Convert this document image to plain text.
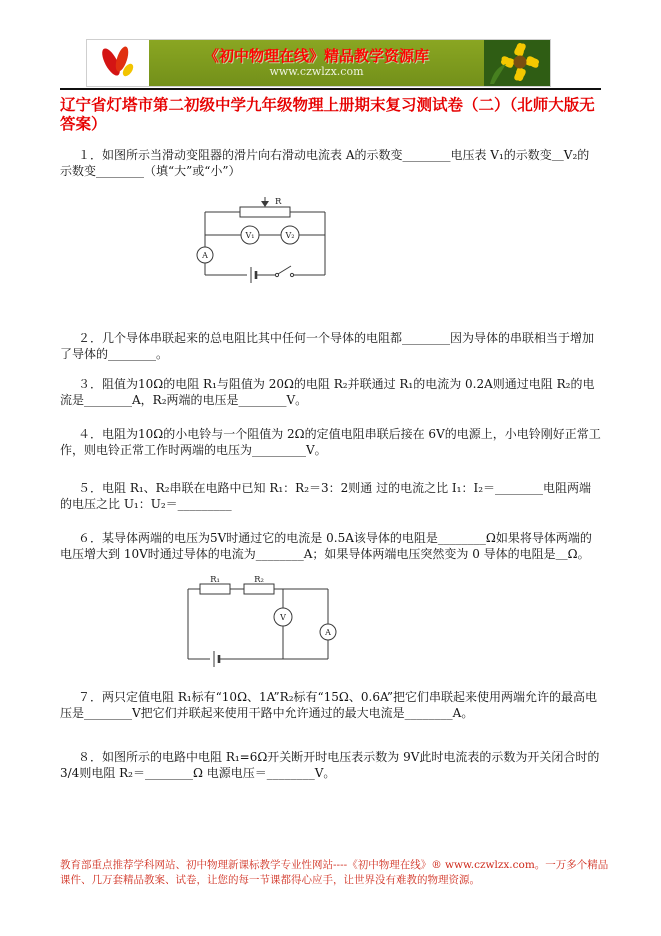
《初中物理在线》精品教学资源库
www.czwlzx.com

辽宁省灯塔市第二初级中学九年级物理上册期末复习测试卷（二）（北师大版无答案）

１．如图所示当滑动变阻器的滑片向右滑动电流表 A的示数变________电压表 V₁的示数变＿V₂的示数变________（填“大”或“小”）

R
V₁	V₂
A

２．几个导体串联起来的总电阻比其中任何一个导体的电阻都________因为导体的串联相当于增加了导体的________。

３．阻值为10Ω的电阻 R₁与阻值为 20Ω的电阻 R₂并联通过 R₁的电流为 0.2A则通过电阻 R₂的电流是________A，R₂两端的电压是________V。

４．电阻为10Ω的小电铃与一个阻值为 2Ω的定值电阻串联后接在 6V的电源上，小电铃刚好正常工作，则电铃正常工作时两端的电压为_________V。

５．电阻 R₁、R₂串联在电路中已知 R₁：R₂＝3：2则通 过的电流之比 I₁：I₂＝________电阻两端的电压之比 U₁：U₂＝_________

６．某导体两端的电压为5V时通过它的电流是 0.5A该导体的电阻是________Ω如果将导体两端的电压增大到 10V时通过导体的电流为________A；如果导体两端电压突然变为 0 导体的电阻是＿Ω。

R₁	R₂
V
A

７．两只定值电阻 R₁标有“10Ω、1A”R₂标有“15Ω、0.6A”把它们串联起来使用两端允许的最高电压是________V把它们并联起来使用干路中允许通过的最大电流是________A。

８．如图所示的电路中电阻 R₁=6Ω开关断开时电压表示数为 9V此时电流表的示数为开关闭合时的3/4则电阻 R₂＝________Ω 电源电压＝________V。

教育部重点推荐学科网站、初中物理新课标教学专业性网站----《初中物理在线》® www.czwlzx.com。一万多个精品课件、几万套精品教案、试卷，让您的每一节课都得心应手，让世界没有难教的物理资源。
